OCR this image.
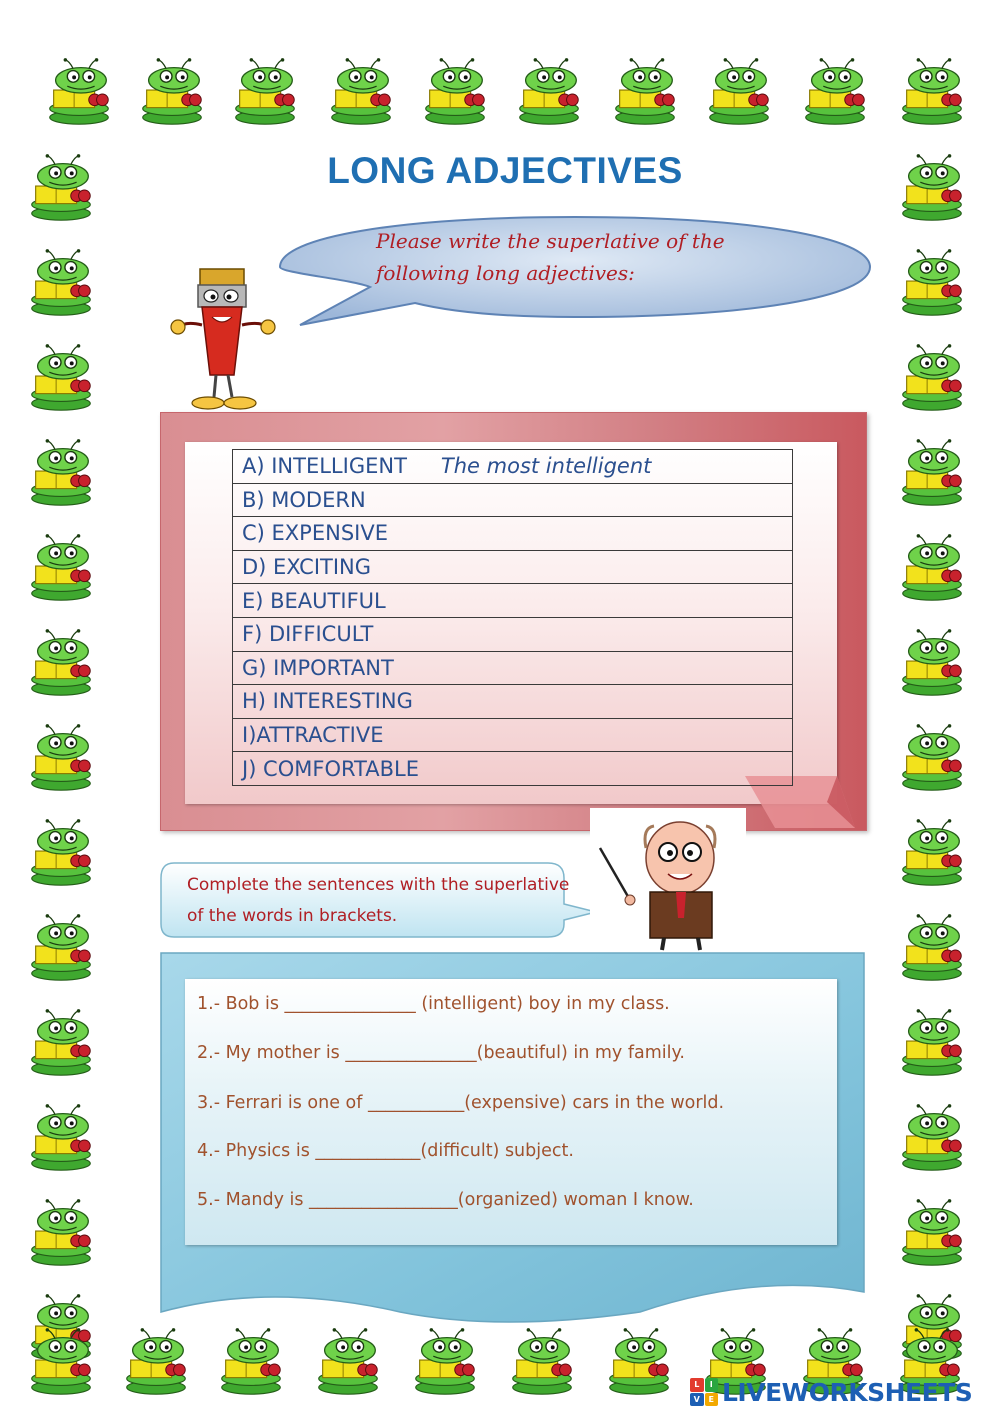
LONG ADJECTIVES
Please write the superlative of the following long adjectives:
A) INTELLIGENT The most intelligent
B) MODERN
C) EXPENSIVE
D) EXCITING
E) BEAUTIFUL
F) DIFFICULT
G) IMPORTANT
H) INTERESTING
I)ATTRACTIVE
J) COMFORTABLE
Complete the sentences with the superlative of the words in brackets.
1.- Bob is _______________ (intelligent) boy in my class.
2.- My mother is _______________(beautiful) in my family.
3.- Ferrari is one of ___________(expensive) cars in the world.
4.- Physics is ____________(difficult) subject.
5.- Mandy is _________________(organized) woman I know.
L	I
V	E LIVEWORKSHEETS
